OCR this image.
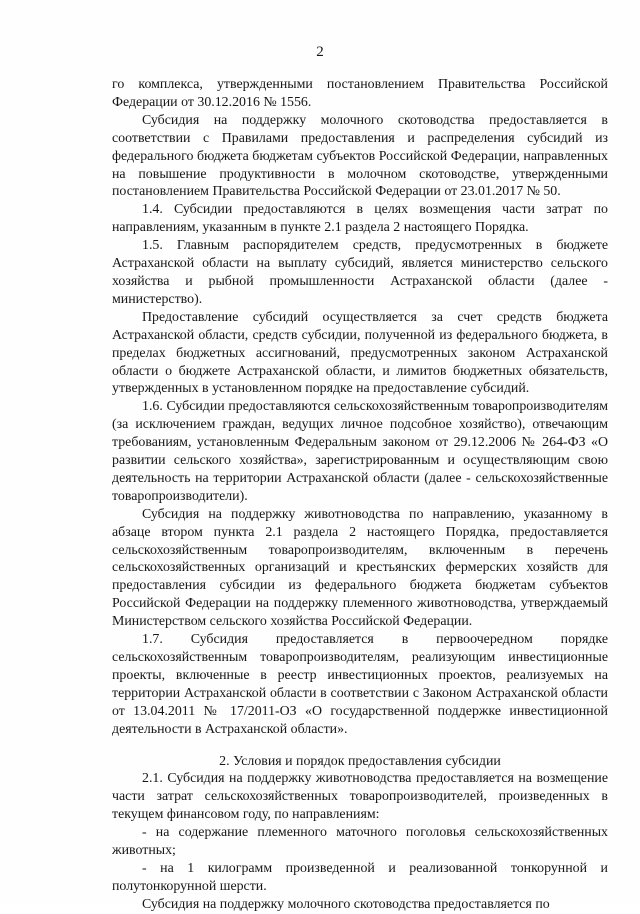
2

го комплекса, утвержденными постановлением Правительства Российской Федерации от 30.12.2016 № 1556.

Субсидия на поддержку молочного скотоводства предоставляется в соответствии с Правилами предоставления и распределения субсидий из федерального бюджета бюджетам субъектов Российской Федерации, направленных на повышение продуктивности в молочном скотоводстве, утвержденными постановлением Правительства Российской Федерации от 23.01.2017 № 50.

1.4. Субсидии предоставляются в целях возмещения части затрат по направлениям, указанным в пункте 2.1 раздела 2 настоящего Порядка.

1.5. Главным распорядителем средств, предусмотренных в бюджете Астраханской области на выплату субсидий, является министерство сельского хозяйства и рыбной промышленности Астраханской области (далее - министерство).

Предоставление субсидий осуществляется за счет средств бюджета Астраханской области, средств субсидии, полученной из федерального бюджета, в пределах бюджетных ассигнований, предусмотренных законом Астраханской области о бюджете Астраханской области, и лимитов бюджетных обязательств, утвержденных в установленном порядке на предоставление субсидий.

1.6. Субсидии предоставляются сельскохозяйственным товаропроизводителям (за исключением граждан, ведущих личное подсобное хозяйство), отвечающим требованиям, установленным Федеральным законом от 29.12.2006 № 264-ФЗ «О развитии сельского хозяйства», зарегистрированным и осуществляющим свою деятельность на территории Астраханской области (далее - сельскохозяйственные товаропроизводители).

Субсидия на поддержку животноводства по направлению, указанному в абзаце втором пункта 2.1 раздела 2 настоящего Порядка, предоставляется сельскохозяйственным товаропроизводителям, включенным в перечень сельскохозяйственных организаций и крестьянских фермерских хозяйств для предоставления субсидии из федерального бюджета бюджетам субъектов Российской Федерации на поддержку племенного животноводства, утверждаемый Министерством сельского хозяйства Российской Федерации.

1.7. Субсидия предоставляется в первоочередном порядке сельскохозяйственным товаропроизводителям, реализующим инвестиционные проекты, включенные в реестр инвестиционных проектов, реализуемых на территории Астраханской области в соответствии с Законом Астраханской области от 13.04.2011 № 17/2011-ОЗ «О государственной поддержке инвестиционной деятельности в Астраханской области».

2. Условия и порядок предоставления субсидии

2.1. Субсидия на поддержку животноводства предоставляется на возмещение части затрат сельскохозяйственных товаропроизводителей, произведенных в текущем финансовом году, по направлениям:

- на содержание племенного маточного поголовья сельскохозяйственных животных;

- на 1 килограмм произведенной и реализованной тонкорунной и полутонкорунной шерсти.

Субсидия на поддержку молочного скотоводства предоставляется по
